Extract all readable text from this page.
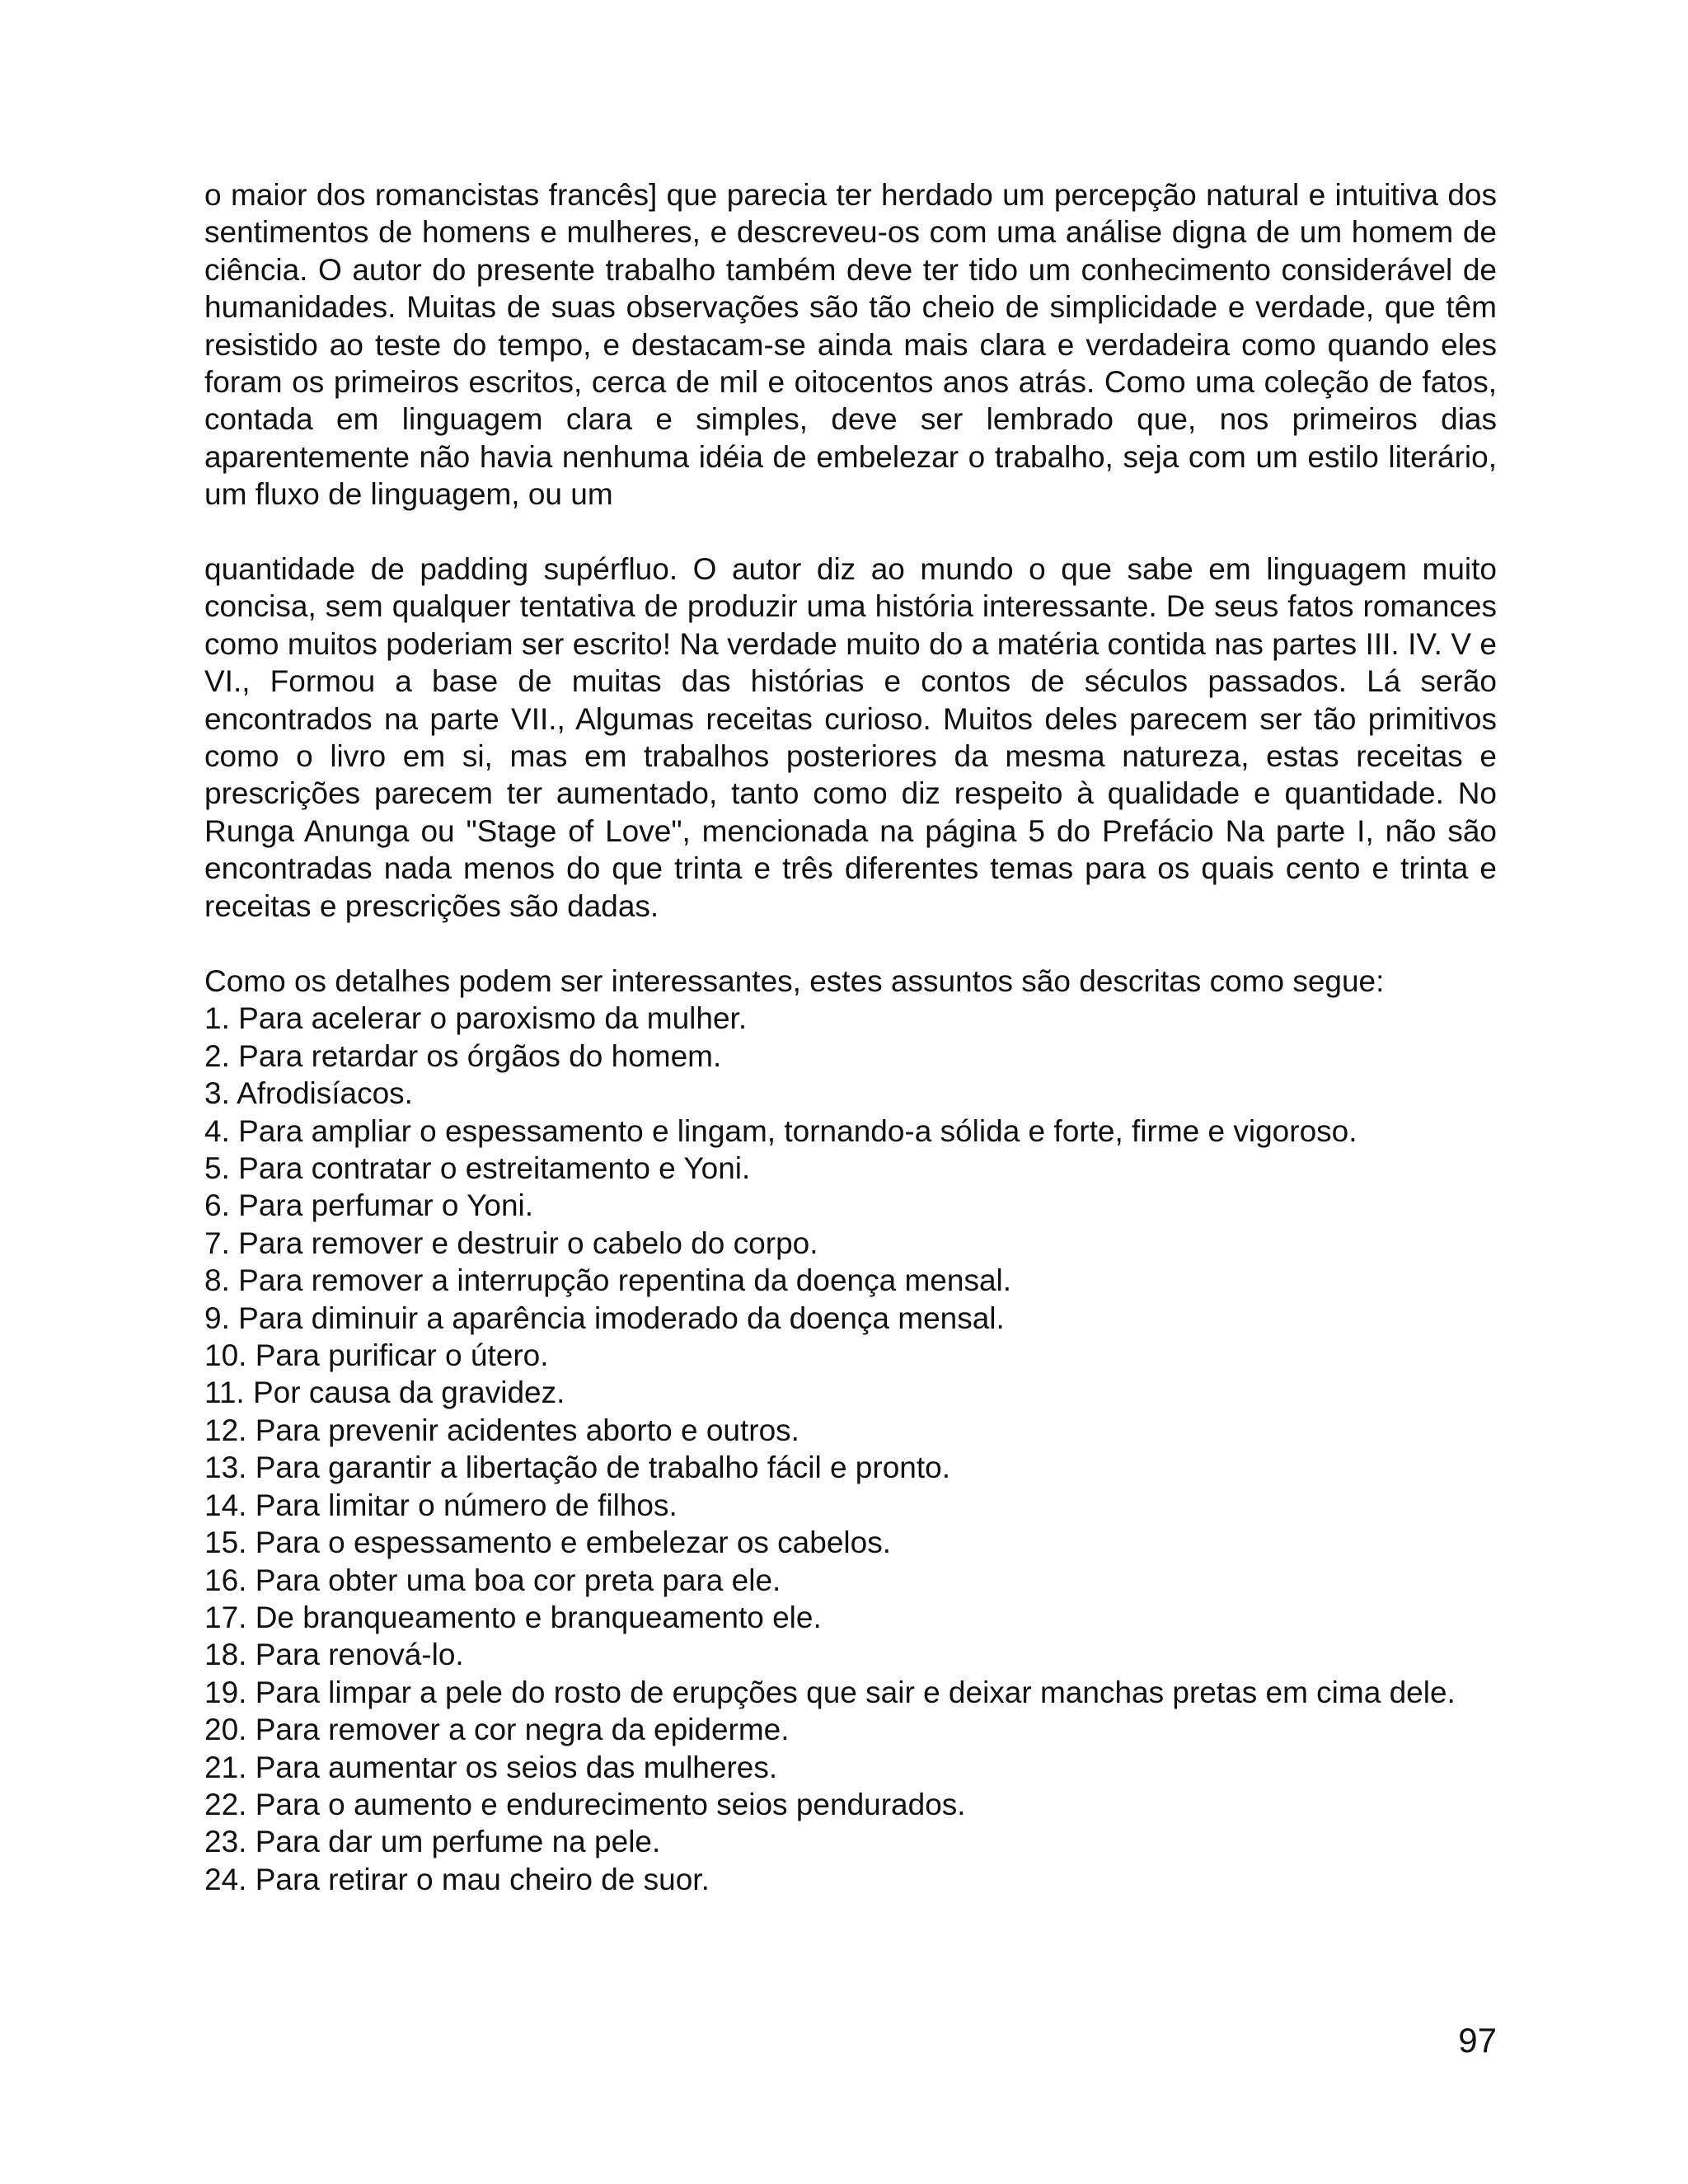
o maior dos romancistas francês] que parecia ter herdado um percepção natural e intuitiva dos sentimentos de homens e mulheres, e descreveu-os com uma análise digna de um homem de ciência. O autor do presente trabalho também deve ter tido um conhecimento considerável de humanidades. Muitas de suas observações são tão cheio de simplicidade e verdade, que têm resistido ao teste do tempo, e destacam-se ainda mais clara e verdadeira como quando eles foram os primeiros escritos, cerca de mil e oitocentos anos atrás. Como uma coleção de fatos, contada em linguagem clara e simples, deve ser lembrado que, nos primeiros dias aparentemente não havia nenhuma idéia de embelezar o trabalho, seja com um estilo literário, um fluxo de linguagem, ou um

quantidade de padding supérfluo. O autor diz ao mundo o que sabe em linguagem muito concisa, sem qualquer tentativa de produzir uma história interessante. De seus fatos romances como muitos poderiam ser escrito! Na verdade muito do a matéria contida nas partes III. IV. V e VI., Formou a base de muitas das histórias e contos de séculos passados. Lá serão encontrados na parte VII., Algumas receitas curioso. Muitos deles parecem ser tão primitivos como o livro em si, mas em trabalhos posteriores da mesma natureza, estas receitas e prescrições parecem ter aumentado, tanto como diz respeito à qualidade e quantidade. No Runga Anunga ou "Stage of Love", mencionada na página 5 do Prefácio Na parte I, não são encontradas nada menos do que trinta e três diferentes temas para os quais cento e trinta e receitas e prescrições são dadas.

Como os detalhes podem ser interessantes, estes assuntos são descritas como segue:

1. Para acelerar o paroxismo da mulher.
2. Para retardar os órgãos do homem.
3. Afrodisíacos.
4. Para ampliar o espessamento e lingam, tornando-a sólida e forte, firme e vigoroso.
5. Para contratar o estreitamento e Yoni.
6. Para perfumar o Yoni.
7. Para remover e destruir o cabelo do corpo.
8. Para remover a interrupção repentina da doença mensal.
9. Para diminuir a aparência imoderado da doença mensal.
10. Para purificar o útero.
11. Por causa da gravidez.
12. Para prevenir acidentes aborto e outros.
13. Para garantir a libertação de trabalho fácil e pronto.
14. Para limitar o número de filhos.
15. Para o espessamento e embelezar os cabelos.
16. Para obter uma boa cor preta para ele.
17. De branqueamento e branqueamento ele.
18. Para renová-lo.
19. Para limpar a pele do rosto de erupções que sair e deixar manchas pretas em cima dele.
20. Para remover a cor negra da epiderme.
21. Para aumentar os seios das mulheres.
22. Para o aumento e endurecimento seios pendurados.
23. Para dar um perfume na pele.
24. Para retirar o mau cheiro de suor.
97
